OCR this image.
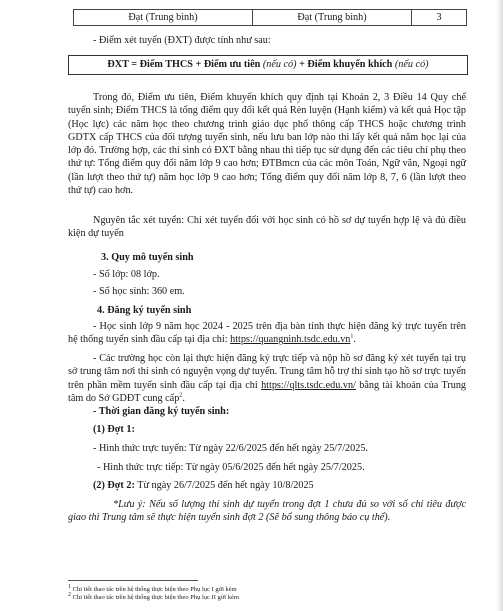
Đạt (Trung bình)	Đạt (Trung bình)	3

- Điểm xét tuyển (ĐXT) được tính như sau:

ĐXT = Điểm THCS + Điểm ưu tiên (nếu có) + Điểm khuyến khích (nếu có)

Trong đó, Điểm ưu tiên, Điểm khuyến khích quy định tại Khoản 2, 3 Điều 14 Quy chế tuyển sinh; Điểm THCS là tổng điểm quy đổi kết quả Rèn luyện (Hạnh kiểm) và kết quả Học tập (Học lực) các năm học theo chương trình giáo dục phổ thông cấp THCS hoặc chương trình GDTX cấp THCS của đối tượng tuyển sinh, nếu lưu ban lớp nào thì lấy kết quả năm học lại của lớp đó. Trường hợp, các thí sinh có ĐXT bằng nhau thì tiếp tục sử dụng đến các tiêu chí phụ theo thứ tự: Tổng điểm quy đổi năm lớp 9 cao hơn; ĐTBmcn của các môn Toán, Ngữ văn, Ngoại ngữ (lần lượt theo thứ tự) năm học lớp 9 cao hơn; Tổng điểm quy đổi năm lớp 8, 7, 6 (lần lượt theo thứ tự) cao hơn.

Nguyên tắc xét tuyển: Chỉ xét tuyển đối với học sinh có hồ sơ dự tuyển hợp lệ và đủ điều kiện dự tuyển

3. Quy mô tuyển sinh

- Số lớp: 08 lớp.

- Số học sinh: 360 em.

4. Đăng ký tuyển sinh

- Học sinh lớp 9 năm học 2024 - 2025 trên địa bàn tỉnh thực hiện đăng ký trực tuyến trên hệ thống tuyển sinh đầu cấp tại địa chỉ: $https://quangninh.tsdc.edu.vn^1$.

- Các trường học còn lại thực hiện đăng ký trực tiếp và nộp hồ sơ đăng ký xét tuyển tại trụ sở trung tâm nơi thí sinh có nguyện vọng dự tuyển. Trung tâm hỗ trợ thí sinh tạo hồ sơ trực tuyến trên phần mềm tuyển sinh đầu cấp tại địa chỉ https://qlts.tsdc.edu.vn/ bằng tài khoản của Trung tâm do Sở GDĐT cung cấp$^2$.

- Thời gian đăng ký tuyển sinh:

(1) Đợt 1:

- Hình thức trực tuyến: Từ ngày 22/6/2025 đến hết ngày 25/7/2025.

- Hình thức trực tiếp: Từ ngày 05/6/2025 đến hết ngày 25/7/2025.

(2) Đợt 2: Từ ngày 26/7/2025 đến hết ngày 10/8/2025

*Lưu ý: Nếu số lượng thí sinh dự tuyển trong đợt 1 chưa đủ so với số chỉ tiêu được giao thì Trung tâm sẽ thực hiện tuyển sinh đợt 2 (Sẽ bổ sung thông báo cụ thể).

$^1$ Chi tiết thao tác trên hệ thống thực hiện theo Phụ lục I gửi kèm
$^2$ Chi tiết thao tác trên hệ thống thực hiện theo Phụ lục II gửi kèm
